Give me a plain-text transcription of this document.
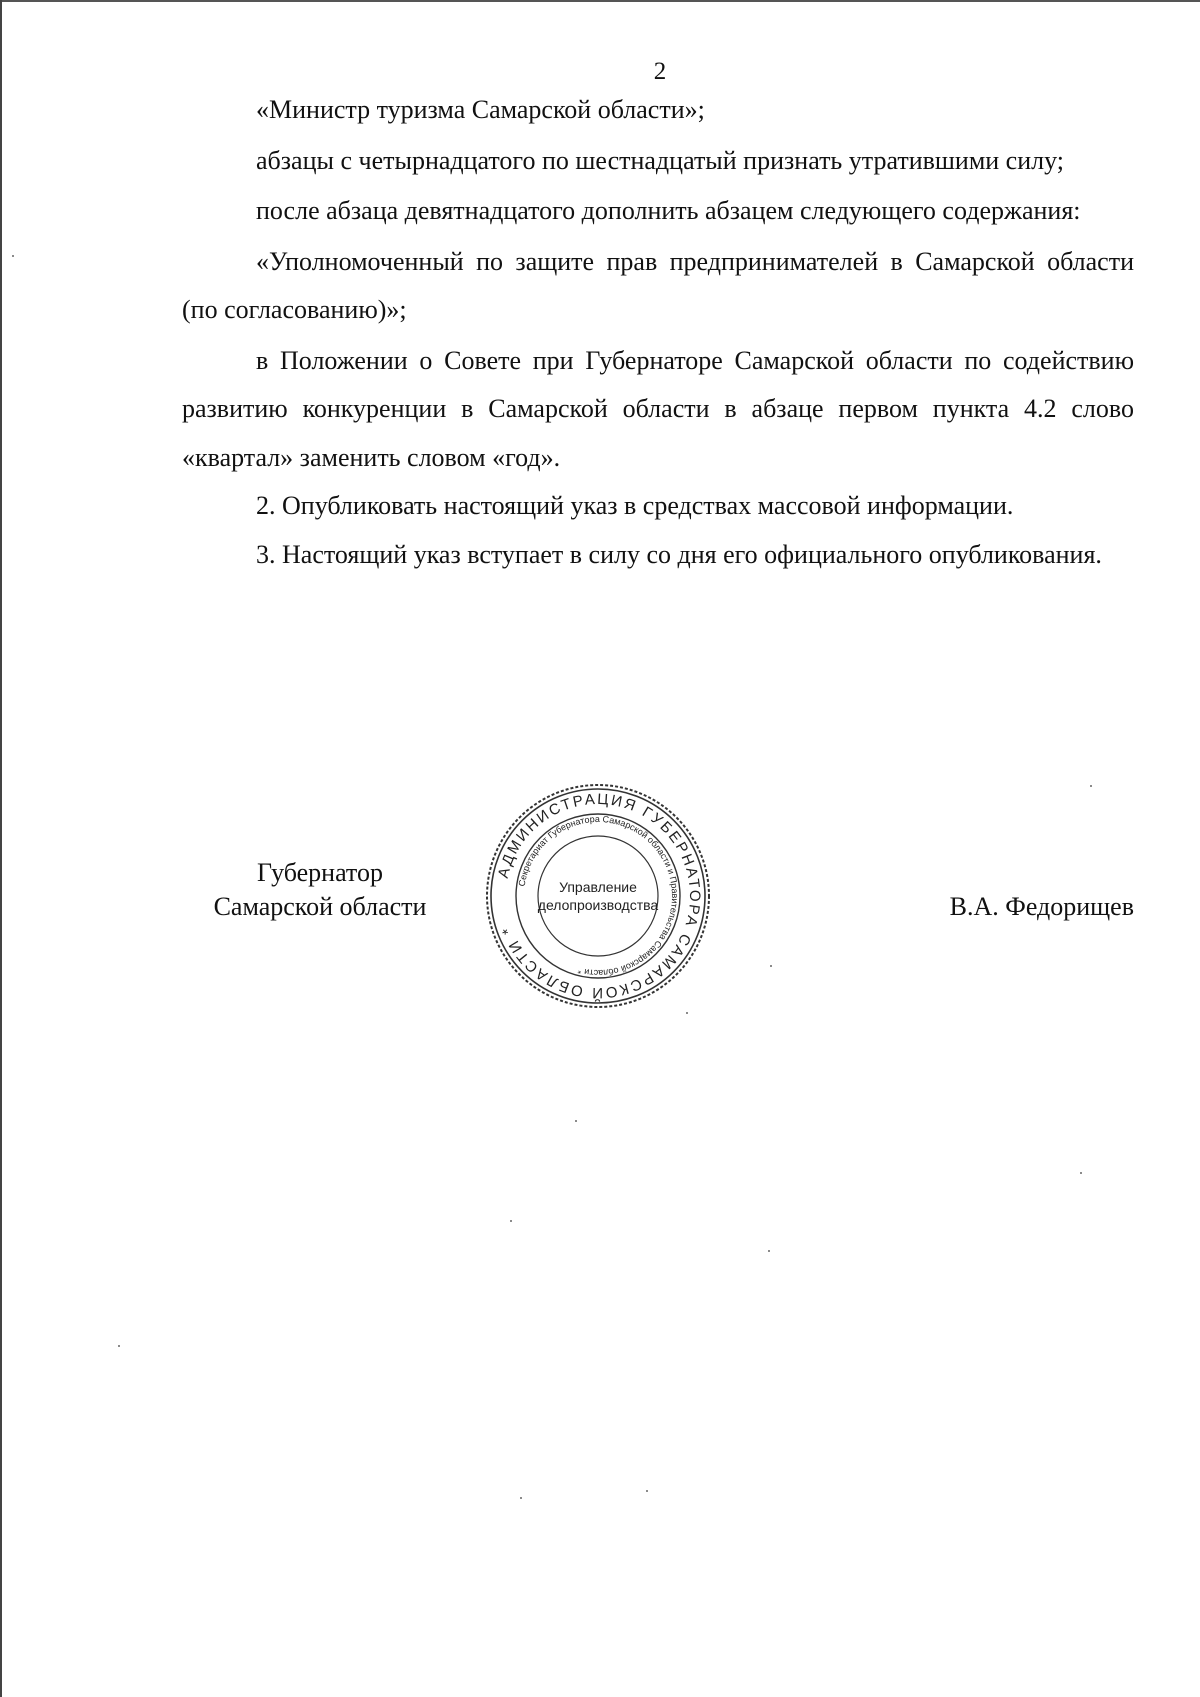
2

«Министр туризма Самарской области»;

абзацы с четырнадцатого по шестнадцатый признать утратившими силу;

после абзаца девятнадцатого дополнить абзацем следующего содержания:

«Уполномоченный по защите прав предпринимателей в Самарской области (по согласованию)»;

в Положении о Совете при Губернаторе Самарской области по содействию развитию конкуренции в Самарской области в абзаце первом пункта 4.2 слово «квартал» заменить словом «год».

2. Опубликовать настоящий указ в средствах массовой информации.

3. Настоящий указ вступает в силу со дня его официального опубликования.

Губернатор
Самарской области
АДМИНИСТРАЦИЯ ГУБЕРНАТОРА САМАРСКОЙ ОБЛАСТИ *
Секретариат Губернатора Самарской области и Правительства Самарской области *
Управление
делопроизводства	В.А. Федорищев
